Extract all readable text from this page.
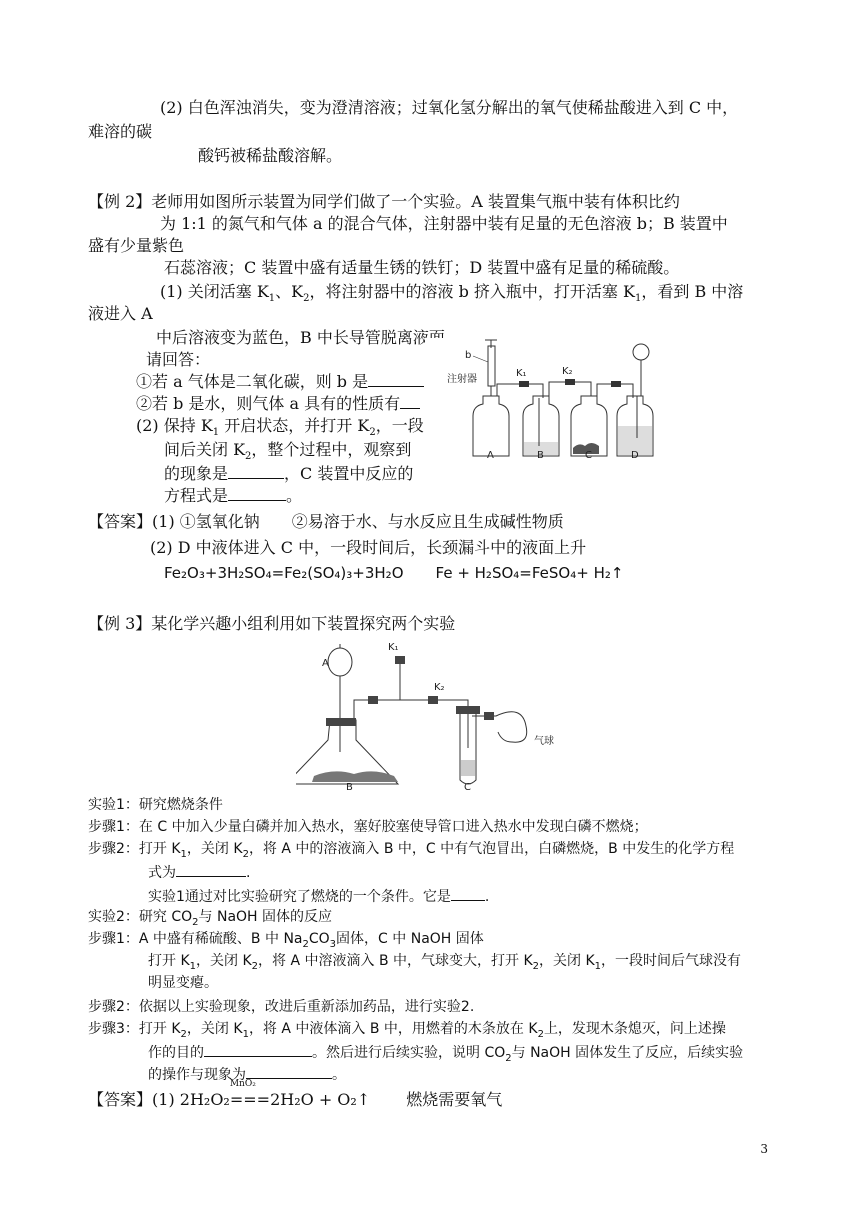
(2) 白色浑浊消失，变为澄清溶液；过氧化氢分解出的氧气使稀盐酸进入到 C 中，
难溶的碳
酸钙被稀盐酸溶解。
【例 2】老师用如图所示装置为同学们做了一个实验。A 装置集气瓶中装有体积比约
为 1:1 的氮气和气体 a 的混合气体，注射器中装有足量的无色溶液 b；B 装置中
盛有少量紫色
石蕊溶液；C 装置中盛有适量生锈的铁钉；D 装置中盛有足量的稀硫酸。
(1) 关闭活塞 $K_1$、$K_2$，将注射器中的溶液 b 挤入瓶中，打开活塞 $K_1$，看到 B 中溶
液进入 A
中后溶液变为蓝色，B 中长导管脱离液面。
请回答：
①若 a 气体是二氧化碳，则 b 是
②若 b 是水，则气体 a 具有的性质有
(2) 保持 $K_1$ 开启状态，并打开 $K_2$，一段时
间后关闭 $K_2$，整个过程中，观察到
的现象是	，C 装置中反应的
方程式是	。
b
注射器
K₁	K₂
A	B	C	D
【答案】(1) ①氢氧化钠 ②易溶于水、与水反应且生成碱性物质
(2) D 中液体进入 C 中，一段时间后，长颈漏斗中的液面上升
Fe₂O₃+3H₂SO₄=Fe₂(SO₄)₃+3H₂O Fe + H₂SO₄=FeSO₄+ H₂↑
【例 3】某化学兴趣小组利用如下装置探究两个实验
A
K₁
K₂
B	C
气球
实验1：研究燃烧条件
步骤1：在 C 中加入少量白磷并加入热水，塞好胶塞使导管口进入热水中发现白磷不燃烧；
步骤2：打开 $K_1$，关闭 $K_2$，将 A 中的溶液滴入 B 中，C 中有气泡冒出，白磷燃烧，B 中发生的化学方程
式为	.
实验1通过对比实验研究了燃烧的一个条件。它是 .
实验2：研究 $CO_2$与 NaOH 固体的反应
步骤1：A 中盛有稀硫酸、B 中 $Na_2CO_3$固体，C 中 NaOH 固体
打开 $K_1$，关闭 $K_2$，将 A 中溶液滴入 B 中，气球变大，打开 $K_2$，关闭 $K_1$，一段时间后气球没有
明显变瘪。
步骤2：依据以上实验现象，改进后重新添加药品，进行实验2.
步骤3：打开 $K_2$，关闭 $K_1$，将 A 中液体滴入 B 中，用燃着的木条放在 $K_2$上，发现木条熄灭，问上述操
作的目的	。然后进行后续实验，说明 $CO_2$与 NaOH 固体发生了反应，后续实验
的操作与现象为	。
【答案】(1) 2H₂O₂
MnO₂
===2H₂O + O₂↑ 燃烧需要氧气
3
